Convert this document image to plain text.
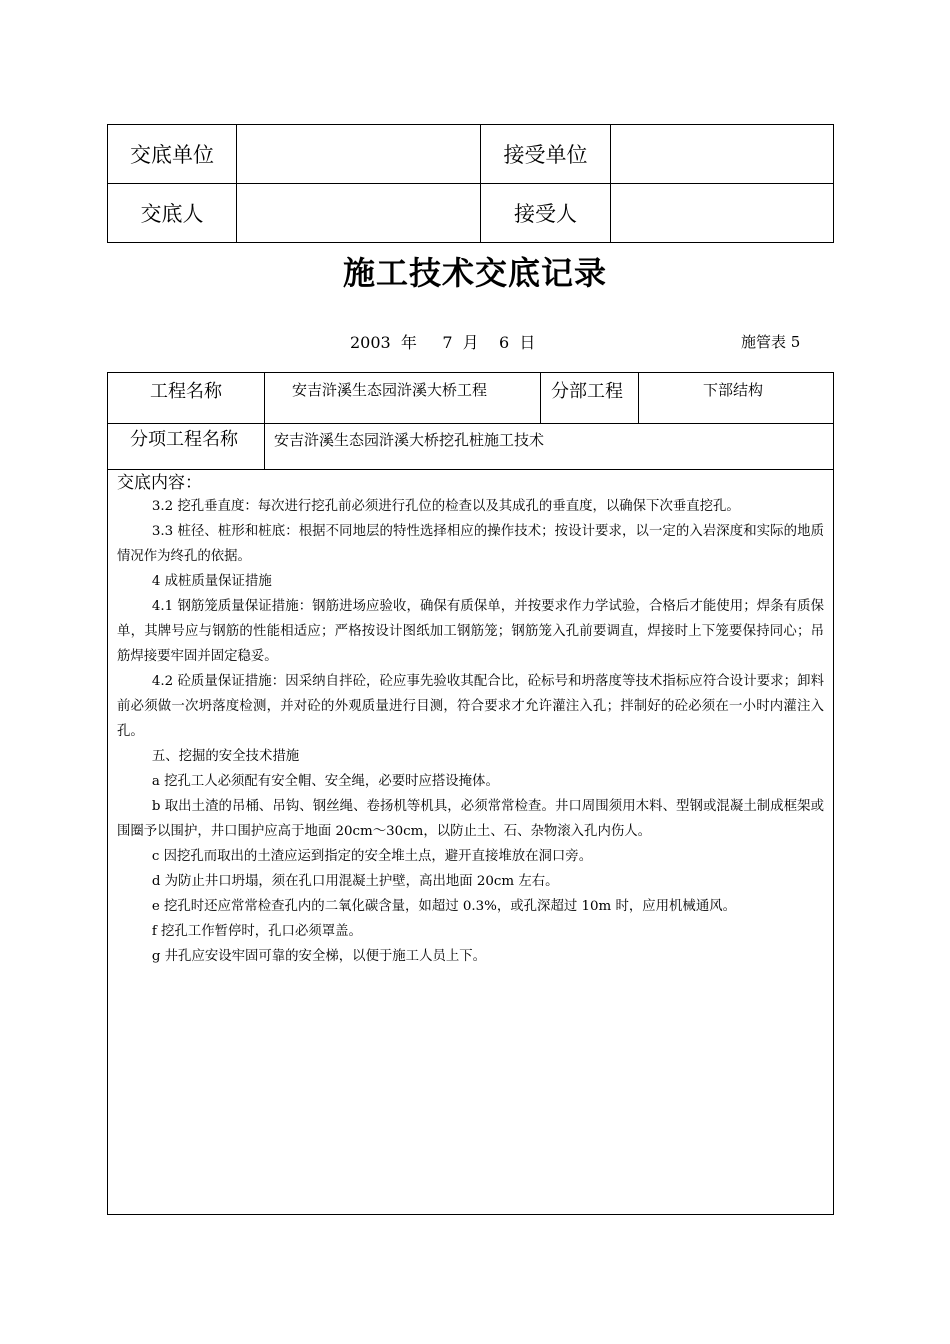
交底单位		接受单位	
交底人		接受人	
施工技术交底记录
2003  年     7  月    6  日	施管表 5
工程名称	安吉浒溪生态园浒溪大桥工程	分部工程	下部结构
分项工程名称 安吉浒溪生态园浒溪大桥挖孔桩施工技术
交底内容：

3.2 挖孔垂直度：每次进行挖孔前必须进行孔位的检查以及其成孔的垂直度，以确保下次垂直挖孔。

3.3 桩径、桩形和桩底：根据不同地层的特性选择相应的操作技术；按设计要求，以一定的入岩深度和实际的地质情况作为终孔的依据。

4 成桩质量保证措施

4.1 钢筋笼质量保证措施：钢筋进场应验收，确保有质保单，并按要求作力学试验，合格后才能使用；焊条有质保单，其牌号应与钢筋的性能相适应；严格按设计图纸加工钢筋笼；钢筋笼入孔前要调直，焊接时上下笼要保持同心；吊筋焊接要牢固并固定稳妥。

4.2 砼质量保证措施：因采纳自拌砼，砼应事先验收其配合比，砼标号和坍落度等技术指标应符合设计要求；卸料前必须做一次坍落度检测，并对砼的外观质量进行目测，符合要求才允许灌注入孔；拌制好的砼必须在一小时内灌注入孔。

五、挖掘的安全技术措施

a 挖孔工人必须配有安全帽、安全绳，必要时应搭设掩体。

b 取出土渣的吊桶、吊钩、钢丝绳、卷扬机等机具，必须常常检查。井口周围须用木料、型钢或混凝土制成框架或围圈予以围护，井口围护应高于地面 20cm～30cm，以防止土、石、杂物滚入孔内伤人。

c 因挖孔而取出的土渣应运到指定的安全堆土点，避开直接堆放在洞口旁。

d 为防止井口坍塌，须在孔口用混凝土护壁，高出地面 20cm 左右。

e 挖孔时还应常常检查孔内的二氧化碳含量，如超过 0.3%，或孔深超过 10m 时，应用机械通风。

f 挖孔工作暂停时，孔口必须罩盖。

g 井孔应安设牢固可靠的安全梯，以便于施工人员上下。
